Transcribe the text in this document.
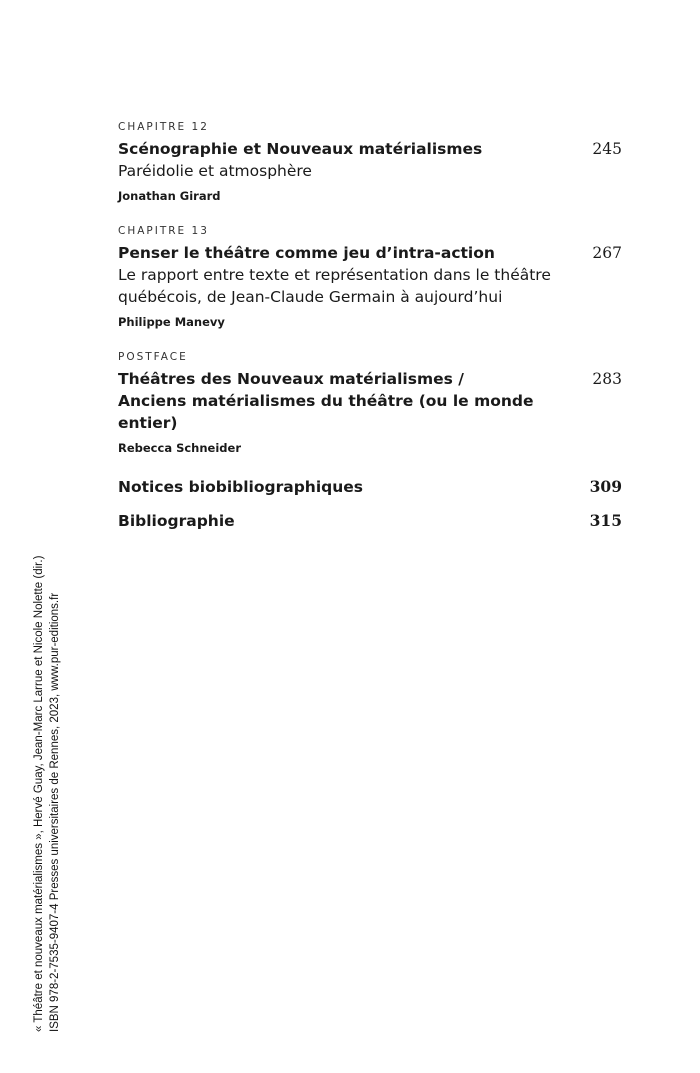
CHAPITRE 12
Scénographie et Nouveaux matérialismes
Paréidolie et atmosphère
245
Jonathan Girard
CHAPITRE 13
Penser le théâtre comme jeu d’intra-action
Le rapport entre texte et représentation dans le théâtre
québécois, de Jean-Claude Germain à aujourd’hui
267
Philippe Manevy
POSTFACE
Théâtres des Nouveaux matérialismes /
Anciens matérialismes du théâtre (ou le monde entier)
283
Rebecca Schneider
Notices biobibliographiques	309
Bibliographie	315
« Théâtre et nouveaux matérialismes », Hervé Guay, Jean-Marc Larrue et Nicole Nolette (dir.) ISBN 978-2-7535-9407-4 Presses universitaires de Rennes, 2023, www.pur-editions.fr
